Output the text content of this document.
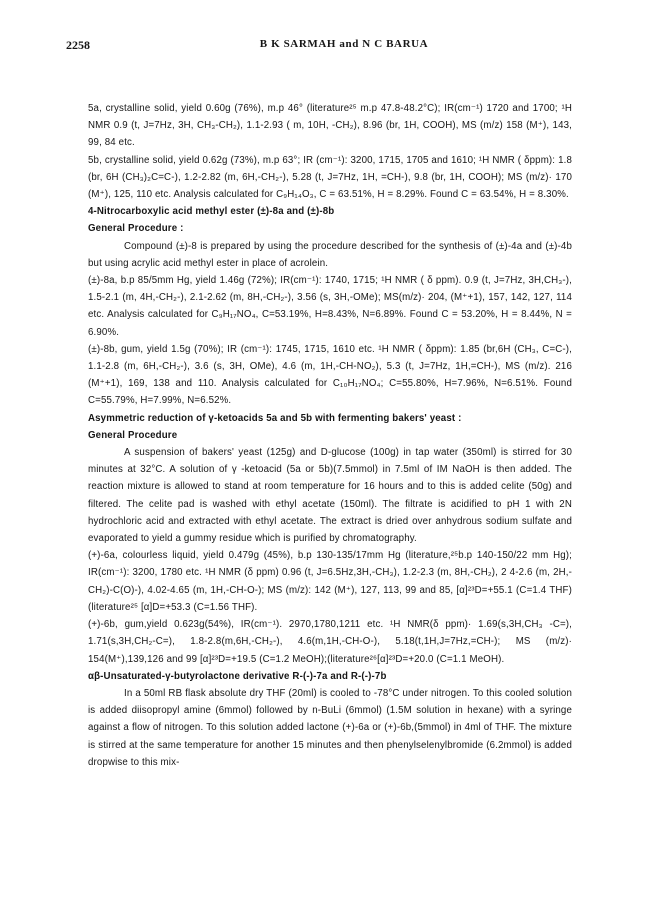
2258	B K SARMAH and N C BARUA

5a, crystalline solid, yield 0.60g (76%), m.p 46° (literature²⁵ m.p 47.8-48.2°C); IR(cm⁻¹) 1720 and 1700; ¹H NMR 0.9 (t, J=7Hz, 3H, CH₃-CH₂), 1.1-2.93 ( m, 10H, -CH₂), 8.96 (br, 1H, COOH), MS (m/z) 158 (M⁺), 143, 99, 84 etc.

5b, crystalline solid, yield 0.62g (73%), m.p 63°; IR (cm⁻¹): 3200, 1715, 1705 and 1610; ¹H NMR ( δppm): 1.8 (br, 6H (CH₃)₂C=C-), 1.2-2.82 (m, 6H,-CH₂-), 5.28 (t, J=7Hz, 1H, =CH-), 9.8 (br, 1H, COOH); MS (m/z)· 170 (M⁺), 125, 110 etc. Analysis calculated for C₉H₁₄O₃, C = 63.51%, H = 8.29%. Found C = 63.54%, H = 8.30%.

4-Nitrocarboxylic acid methyl ester (±)-8a and (±)-8b
General Procedure :

Compound (±)-8 is prepared by using the procedure described for the synthesis of (±)-4a and (±)-4b but using acrylic acid methyl ester in place of acrolein.

(±)-8a, b.p 85/5mm Hg, yield 1.46g (72%); IR(cm⁻¹): 1740, 1715; ¹H NMR ( δ ppm). 0.9 (t, J=7Hz, 3H,CH₃-), 1.5-2.1 (m, 4H,-CH₂-), 2.1-2.62 (m, 8H,-CH₂-), 3.56 (s, 3H,-OMe); MS(m/z)· 204, (M⁺+1), 157, 142, 127, 114 etc. Analysis calculated for C₉H₁₇NO₄, C=53.19%, H=8.43%, N=6.89%. Found C = 53.20%, H = 8.44%, N = 6.90%.

(±)-8b, gum, yield 1.5g (70%); IR (cm⁻¹): 1745, 1715, 1610 etc. ¹H NMR ( δppm): 1.85 (br,6H (CH₃, C=C-), 1.1-2.8 (m, 6H,-CH₂-), 3.6 (s, 3H, OMe), 4.6 (m, 1H,-CH-NO₂), 5.3 (t, J=7Hz, 1H,=CH-), MS (m/z). 216 (M⁺+1), 169, 138 and 110. Analysis calculated for C₁₀H₁₇NO₄; C=55.80%, H=7.96%, N=6.51%. Found C=55.79%, H=7.99%, N=6.52%.

Asymmetric reduction of γ-ketoacids 5a and 5b with fermenting bakers' yeast :
General Procedure

A suspension of bakers' yeast (125g) and D-glucose (100g) in tap water (350ml) is stirred for 30 minutes at 32°C. A solution of γ -ketoacid (5a or 5b)(7.5mmol) in 7.5ml of IM NaOH is then added. The reaction mixture is allowed to stand at room temperature for 16 hours and to this is added celite (50g) and filtered. The celite pad is washed with ethyl acetate (150ml). The filtrate is acidified to pH 1 with 2N hydrochloric acid and extracted with ethyl acetate. The extract is dried over anhydrous sodium sulfate and evaporated to yield a gummy residue which is purified by chromatography.

(+)-6a, colourless liquid, yield 0.479g (45%), b.p 130-135/17mm Hg (literature,²⁵b.p 140-150/22 mm Hg); IR(cm⁻¹): 3200, 1780 etc. ¹H NMR (δ ppm) 0.96 (t, J=6.5Hz,3H,-CH₃), 1.2-2.3 (m, 8H,-CH₂), 2 4-2.6 (m, 2H,-CH₂)-C(O)-), 4.02-4.65 (m, 1H,-CH-O-); MS (m/z): 142 (M⁺), 127, 113, 99 and 85, [α]²³D=+55.1 (C=1.4 THF)(literature²⁵ [α]D=+53.3 (C=1.56 THF).

(+)-6b, gum,yield 0.623g(54%), IR(cm⁻¹). 2970,1780,1211 etc. ¹H NMR(δ ppm)· 1.69(s,3H,CH₃ -C=), 1.71(s,3H,CH₂-C=), 1.8-2.8(m,6H,-CH₂-), 4.6(m,1H,-CH-O-), 5.18(t,1H,J=7Hz,=CH-); MS (m/z)· 154(M⁺),139,126 and 99 [α]²³D=+19.5 (C=1.2 MeOH);(literature²⁶[α]²³D=+20.0 (C=1.1 MeOH).

αβ-Unsaturated-γ-butyrolactone derivative R-(-)-7a and R-(-)-7b

In a 50ml RB flask absolute dry THF (20ml) is cooled to -78°C under nitrogen. To this cooled solution is added diisopropyl amine (6mmol) followed by n-BuLi (6mmol) (1.5M solution in hexane) with a syringe against a flow of nitrogen. To this solution added lactone (+)-6a or (+)-6b,(5mmol) in 4ml of THF. The mixture is stirred at the same temperature for another 15 minutes and then phenylselenylbromide (6.2mmol) is added dropwise to this mix-
